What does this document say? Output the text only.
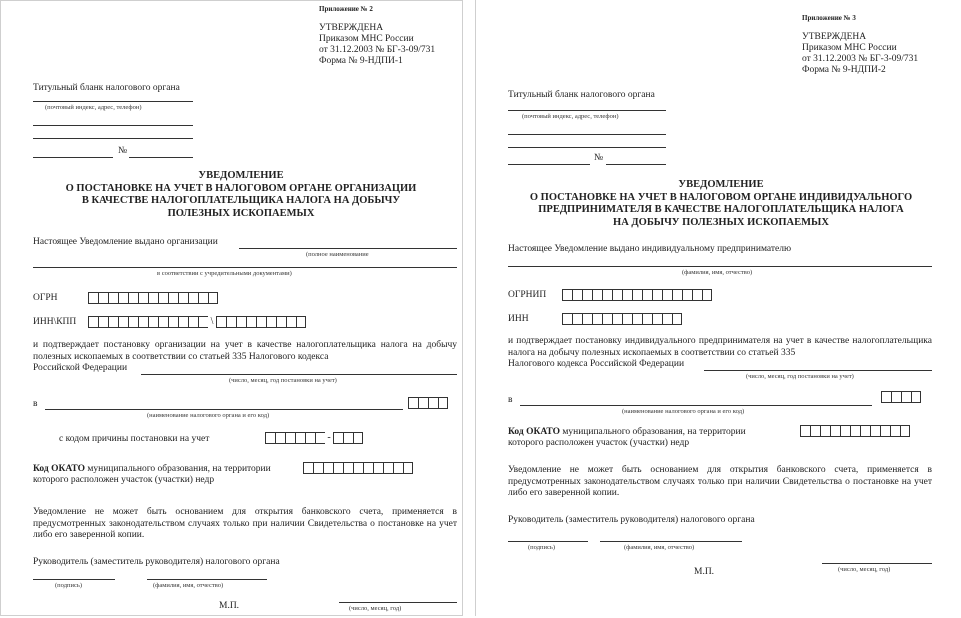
Приложение № 2
УТВЕРЖДЕНА
Приказом МНС России
от 31.12.2003 № БГ-3-09/731
Форма № 9-НДПИ-1
Титульный бланк налогового органа
(почтовый индекс, адрес, телефон)
№
УВЕДОМЛЕНИЕ
О ПОСТАНОВКЕ НА УЧЕТ В НАЛОГОВОМ ОРГАНЕ ОРГАНИЗАЦИИ
В КАЧЕСТВЕ НАЛОГОПЛАТЕЛЬЩИКА НАЛОГА НА ДОБЫЧУ
ПОЛЕЗНЫХ ИСКОПАЕМЫХ
Настоящее Уведомление выдано организации
(полное наименование
в соответствии с учредительными документами)
ОГРН
ИНН\КПП	\
и подтверждает постановку организации на учет в качестве налогоплательщика налога на добычу полезных ископаемых в соответствии со статьей 335 Налогового кодекса
Российской Федерации
(число, месяц, год постановки на учет)
в
(наименование налогового органа и его код)
с кодом причины постановки на учет	-
Код ОКАТО муниципального образования, на территории
которого расположен участок (участки) недр
Уведомление не может быть основанием для открытия банковского счета, применяется в предусмотренных законодательством случаях только при наличии Свидетельства о постановке на учет либо его заверенной копии.
Руководитель (заместитель руководителя) налогового органа
(подпись)	(фамилия, имя, отчество)
М.П.	(число, месяц, год)
Приложение № 3
УТВЕРЖДЕНА
Приказом МНС России
от 31.12.2003 № БГ-3-09/731
Форма № 9-НДПИ-2
Титульный бланк налогового органа
(почтовый индекс, адрес, телефон)
№
УВЕДОМЛЕНИЕ
О ПОСТАНОВКЕ НА УЧЕТ В НАЛОГОВОМ ОРГАНЕ ИНДИВИДУАЛЬНОГО
ПРЕДПРИНИМАТЕЛЯ В КАЧЕСТВЕ НАЛОГОПЛАТЕЛЬЩИКА НАЛОГА
НА ДОБЫЧУ ПОЛЕЗНЫХ ИСКОПАЕМЫХ
Настоящее Уведомление выдано индивидуальному предпринимателю
(фамилия, имя, отчество)
ОГРНИП
ИНН
и подтверждает постановку индивидуального предпринимателя на учет в качестве налогоплательщика налога на добычу полезных ископаемых в соответствии со статьей 335
Налогового кодекса Российской Федерации
(число, месяц, год постановки на учет)
в
(наименование налогового органа и его код)
Код ОКАТО муниципального образования, на территории
которого расположен участок (участки) недр
Уведомление не может быть основанием для открытия банковского счета, применяется в предусмотренных законодательством случаях только при наличии Свидетельства о постановке на учет либо его заверенной копии.
Руководитель (заместитель руководителя) налогового органа
(подпись)	(фамилия, имя, отчество)
М.П.	(число, месяц, год)
